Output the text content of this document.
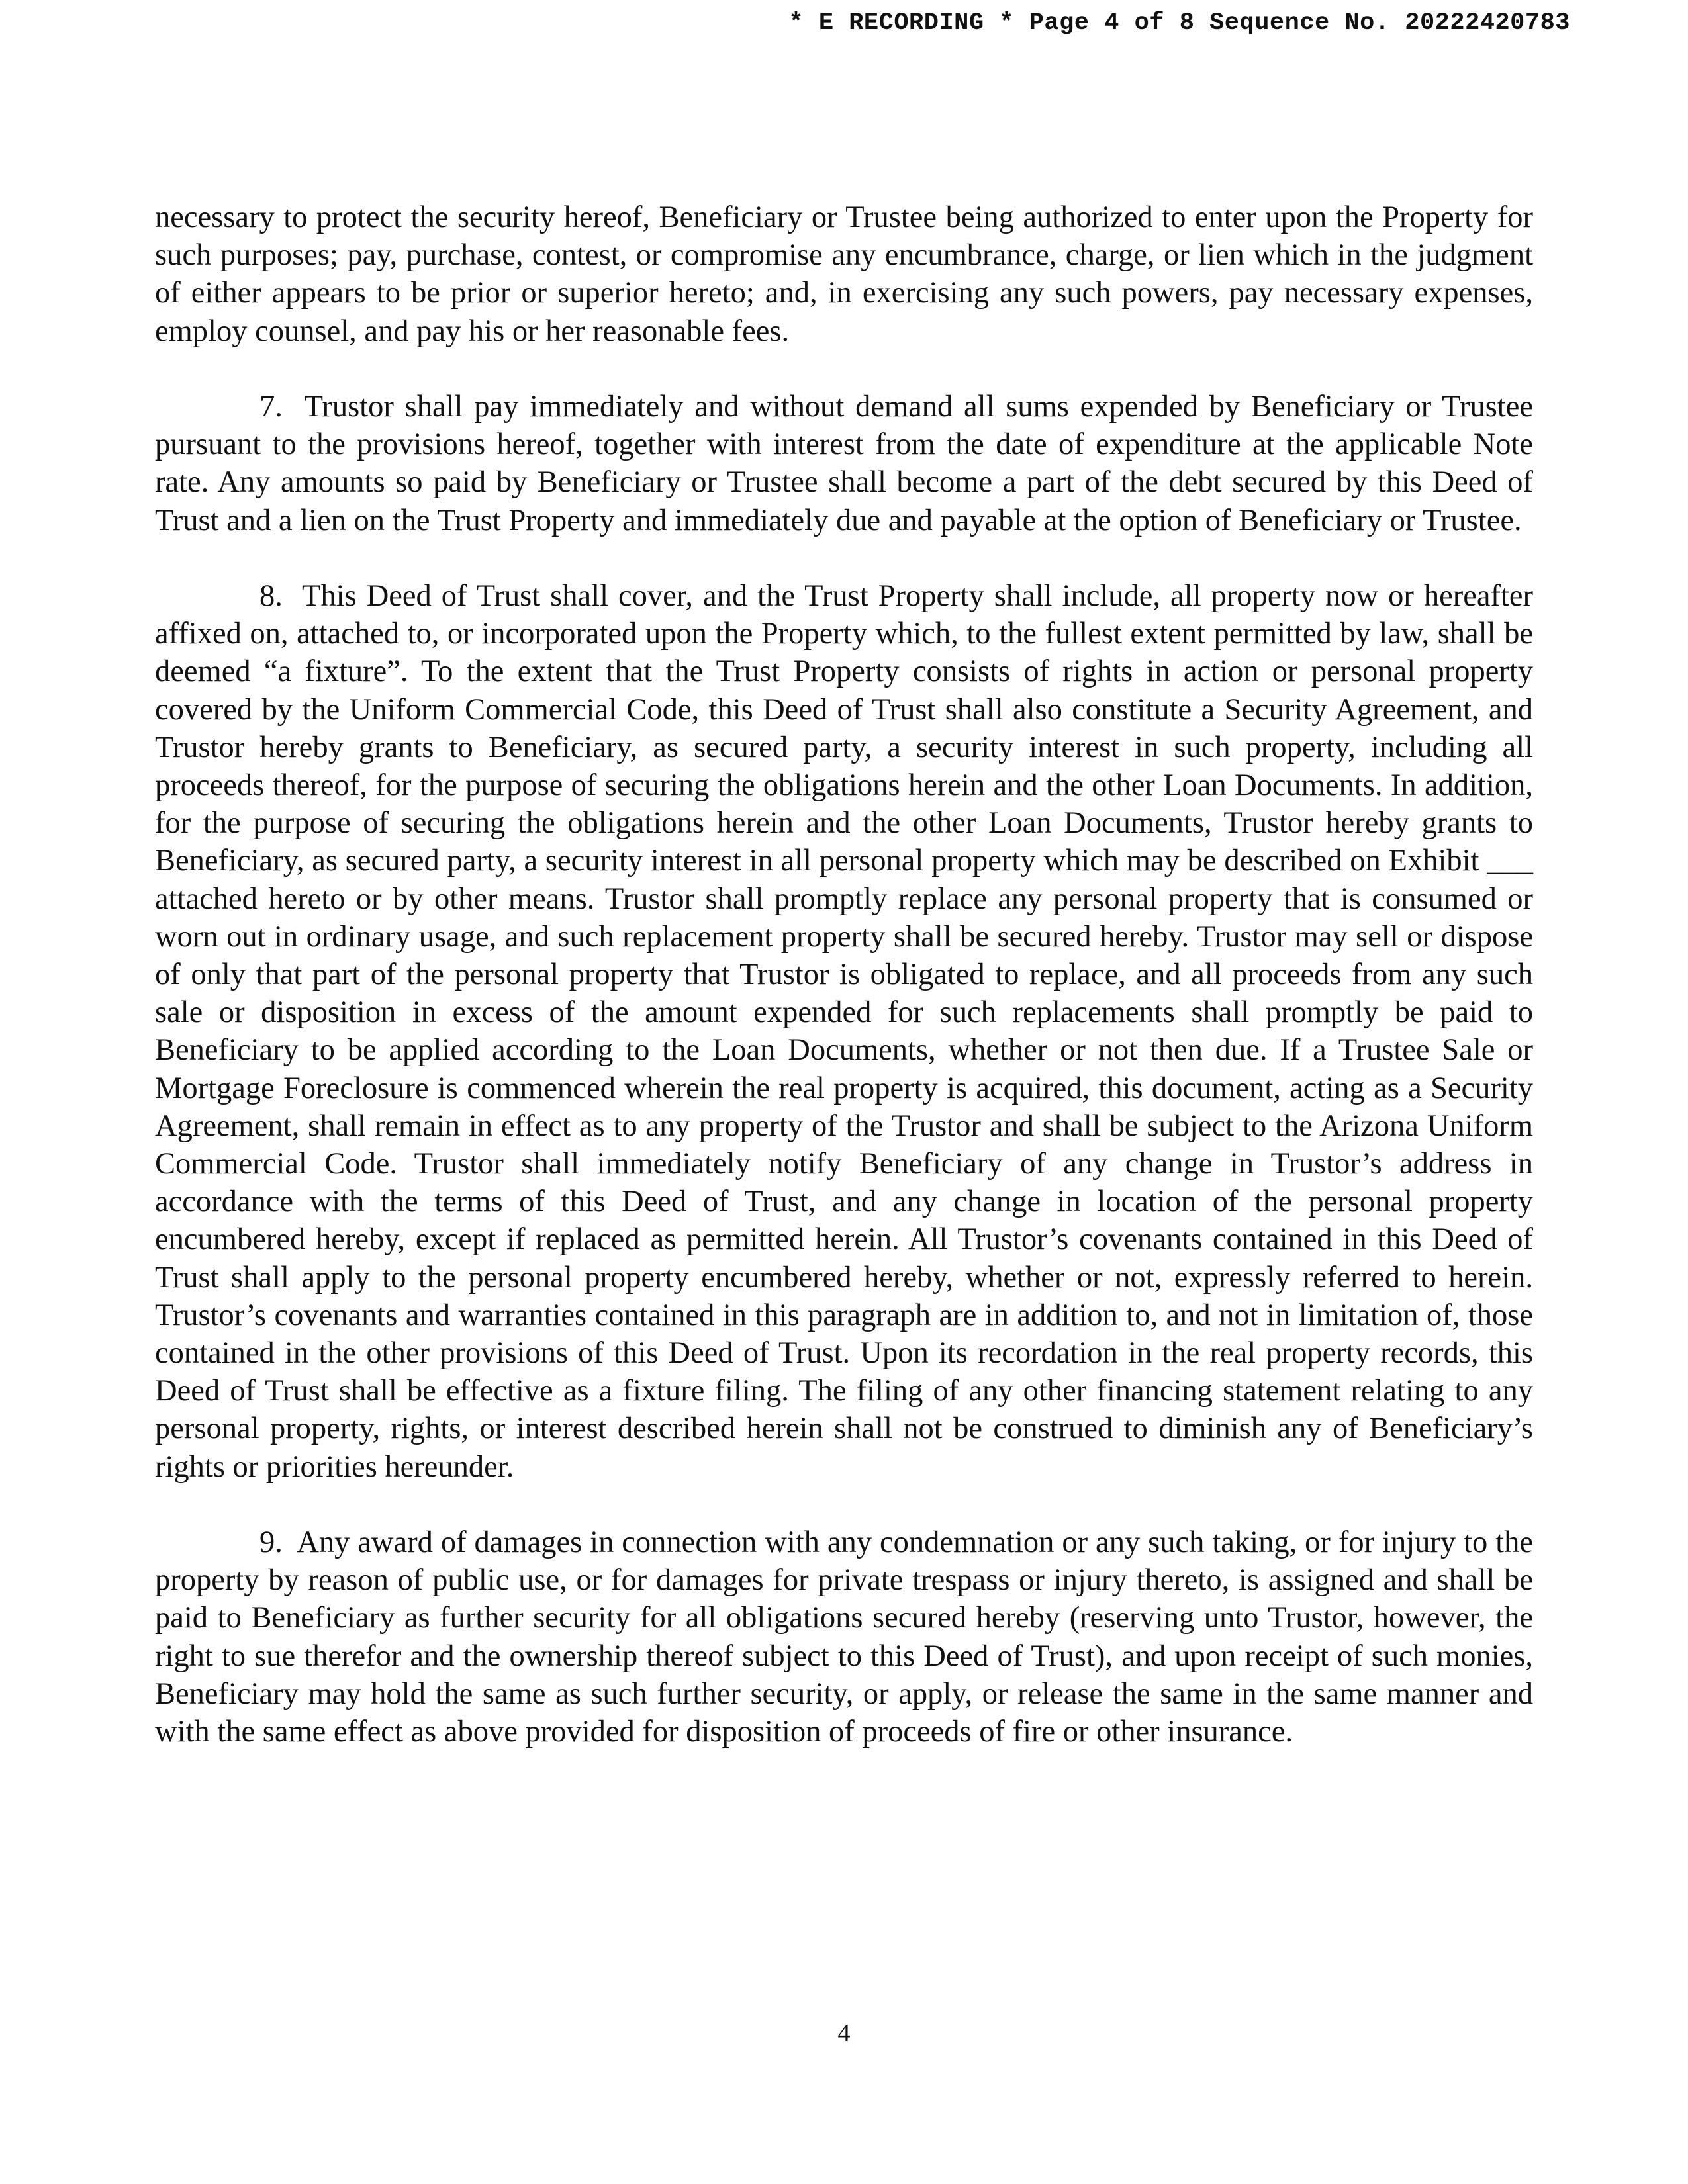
* E RECORDING * Page 4 of 8 Sequence No. 20222420783

necessary to protect the security hereof, Beneficiary or Trustee being authorized to enter upon the Property for such purposes; pay, purchase, contest, or compromise any encumbrance, charge, or lien which in the judgment of either appears to be prior or superior hereto; and, in exercising any such powers, pay necessary expenses, employ counsel, and pay his or her reasonable fees.

7. Trustor shall pay immediately and without demand all sums expended by Beneficiary or Trustee pursuant to the provisions hereof, together with interest from the date of expenditure at the applicable Note rate. Any amounts so paid by Beneficiary or Trustee shall become a part of the debt secured by this Deed of Trust and a lien on the Trust Property and immediately due and payable at the option of Beneficiary or Trustee.

8. This Deed of Trust shall cover, and the Trust Property shall include, all property now or hereafter affixed on, attached to, or incorporated upon the Property which, to the fullest extent permitted by law, shall be deemed “a fixture”. To the extent that the Trust Property consists of rights in action or personal property covered by the Uniform Commercial Code, this Deed of Trust shall also constitute a Security Agreement, and Trustor hereby grants to Beneficiary, as secured party, a security interest in such property, including all proceeds thereof, for the purpose of securing the obligations herein and the other Loan Documents. In addition, for the purpose of securing the obligations herein and the other Loan Documents, Trustor hereby grants to Beneficiary, as secured party, a security interest in all personal property which may be described on Exhibit ___ attached hereto or by other means. Trustor shall promptly replace any personal property that is consumed or worn out in ordinary usage, and such replacement property shall be secured hereby. Trustor may sell or dispose of only that part of the personal property that Trustor is obligated to replace, and all proceeds from any such sale or disposition in excess of the amount expended for such replacements shall promptly be paid to Beneficiary to be applied according to the Loan Documents, whether or not then due. If a Trustee Sale or Mortgage Foreclosure is commenced wherein the real property is acquired, this document, acting as a Security Agreement, shall remain in effect as to any property of the Trustor and shall be subject to the Arizona Uniform Commercial Code. Trustor shall immediately notify Beneficiary of any change in Trustor’s address in accordance with the terms of this Deed of Trust, and any change in location of the personal property encumbered hereby, except if replaced as permitted herein. All Trustor’s covenants contained in this Deed of Trust shall apply to the personal property encumbered hereby, whether or not, expressly referred to herein. Trustor’s covenants and warranties contained in this paragraph are in addition to, and not in limitation of, those contained in the other provisions of this Deed of Trust. Upon its recordation in the real property records, this Deed of Trust shall be effective as a fixture filing. The filing of any other financing statement relating to any personal property, rights, or interest described herein shall not be construed to diminish any of Beneficiary’s rights or priorities hereunder.

9. Any award of damages in connection with any condemnation or any such taking, or for injury to the property by reason of public use, or for damages for private trespass or injury thereto, is assigned and shall be paid to Beneficiary as further security for all obligations secured hereby (reserving unto Trustor, however, the right to sue therefor and the ownership thereof subject to this Deed of Trust), and upon receipt of such monies, Beneficiary may hold the same as such further security, or apply, or release the same in the same manner and with the same effect as above provided for disposition of proceeds of fire or other insurance.

4
